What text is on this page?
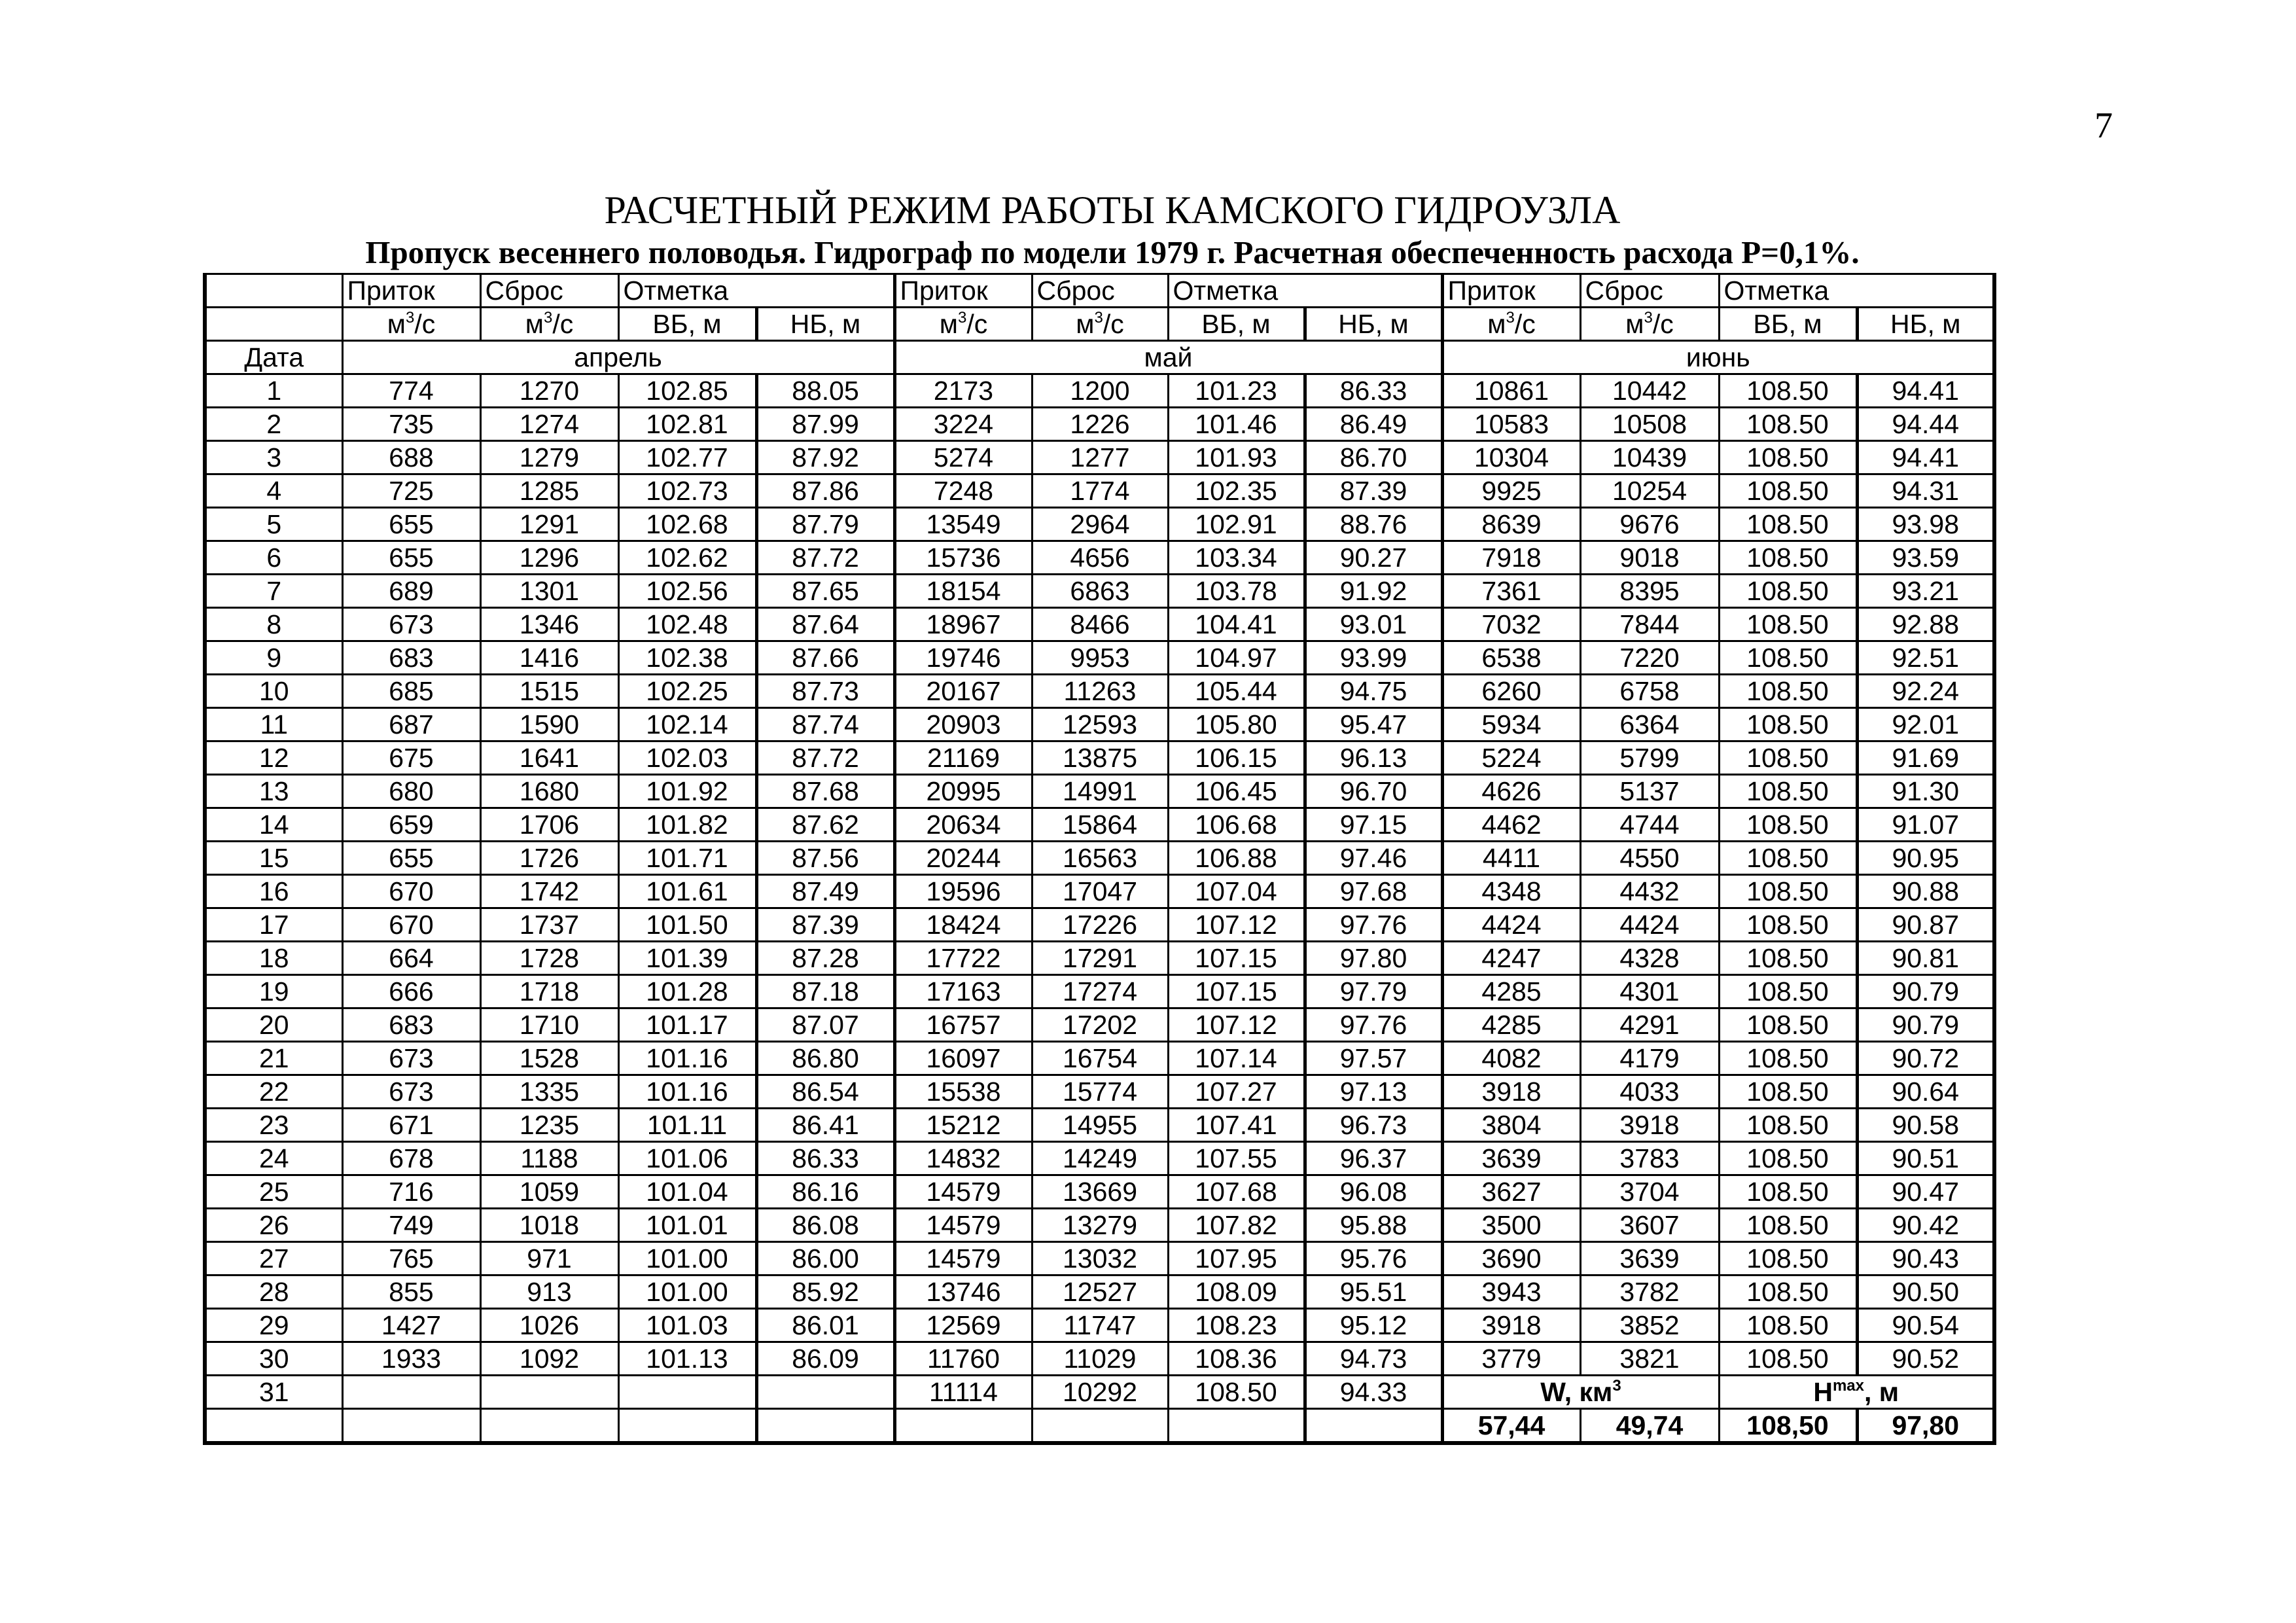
7
РАСЧЕТНЫЙ РЕЖИМ РАБОТЫ КАМСКОГО ГИДРОУЗЛА
Пропуск весеннего половодья. Гидрограф по модели 1979 г. Расчетная обеспеченность расхода Р=0,1%.
	Приток	Сброс	Отметка		Приток	Сброс	Отметка		Приток	Сброс	Отметка	
	$м^3/с$	$м^3/с$	ВБ, м	НБ, м	$м^3/с$	$м^3/с$	ВБ, м	НБ, м	$м^3/с$	$м^3/с$	ВБ, м	НБ, м
Дата	апрель				май				июнь			
1	774	1270	102.85	88.05	2173	1200	101.23	86.33	10861	10442	108.50	94.41
2	735	1274	102.81	87.99	3224	1226	101.46	86.49	10583	10508	108.50	94.44
3	688	1279	102.77	87.92	5274	1277	101.93	86.70	10304	10439	108.50	94.41
4	725	1285	102.73	87.86	7248	1774	102.35	87.39	9925	10254	108.50	94.31
5	655	1291	102.68	87.79	13549	2964	102.91	88.76	8639	9676	108.50	93.98
6	655	1296	102.62	87.72	15736	4656	103.34	90.27	7918	9018	108.50	93.59
7	689	1301	102.56	87.65	18154	6863	103.78	91.92	7361	8395	108.50	93.21
8	673	1346	102.48	87.64	18967	8466	104.41	93.01	7032	7844	108.50	92.88
9	683	1416	102.38	87.66	19746	9953	104.97	93.99	6538	7220	108.50	92.51
10	685	1515	102.25	87.73	20167	11263	105.44	94.75	6260	6758	108.50	92.24
11	687	1590	102.14	87.74	20903	12593	105.80	95.47	5934	6364	108.50	92.01
12	675	1641	102.03	87.72	21169	13875	106.15	96.13	5224	5799	108.50	91.69
13	680	1680	101.92	87.68	20995	14991	106.45	96.70	4626	5137	108.50	91.30
14	659	1706	101.82	87.62	20634	15864	106.68	97.15	4462	4744	108.50	91.07
15	655	1726	101.71	87.56	20244	16563	106.88	97.46	4411	4550	108.50	90.95
16	670	1742	101.61	87.49	19596	17047	107.04	97.68	4348	4432	108.50	90.88
17	670	1737	101.50	87.39	18424	17226	107.12	97.76	4424	4424	108.50	90.87
18	664	1728	101.39	87.28	17722	17291	107.15	97.80	4247	4328	108.50	90.81
19	666	1718	101.28	87.18	17163	17274	107.15	97.79	4285	4301	108.50	90.79
20	683	1710	101.17	87.07	16757	17202	107.12	97.76	4285	4291	108.50	90.79
21	673	1528	101.16	86.80	16097	16754	107.14	97.57	4082	4179	108.50	90.72
22	673	1335	101.16	86.54	15538	15774	107.27	97.13	3918	4033	108.50	90.64
23	671	1235	101.11	86.41	15212	14955	107.41	96.73	3804	3918	108.50	90.58
24	678	1188	101.06	86.33	14832	14249	107.55	96.37	3639	3783	108.50	90.51
25	716	1059	101.04	86.16	14579	13669	107.68	96.08	3627	3704	108.50	90.47
26	749	1018	101.01	86.08	14579	13279	107.82	95.88	3500	3607	108.50	90.42
27	765	971	101.00	86.00	14579	13032	107.95	95.76	3690	3639	108.50	90.43
28	855	913	101.00	85.92	13746	12527	108.09	95.51	3943	3782	108.50	90.50
29	1427	1026	101.03	86.01	12569	11747	108.23	95.12	3918	3852	108.50	90.54
30	1933	1092	101.13	86.09	11760	11029	108.36	94.73	3779	3821	108.50	90.52
31					11114	10292	108.50	94.33	W, $км^3$		$H^{max}$, м	
									57,44	49,74	108,50	97,80
